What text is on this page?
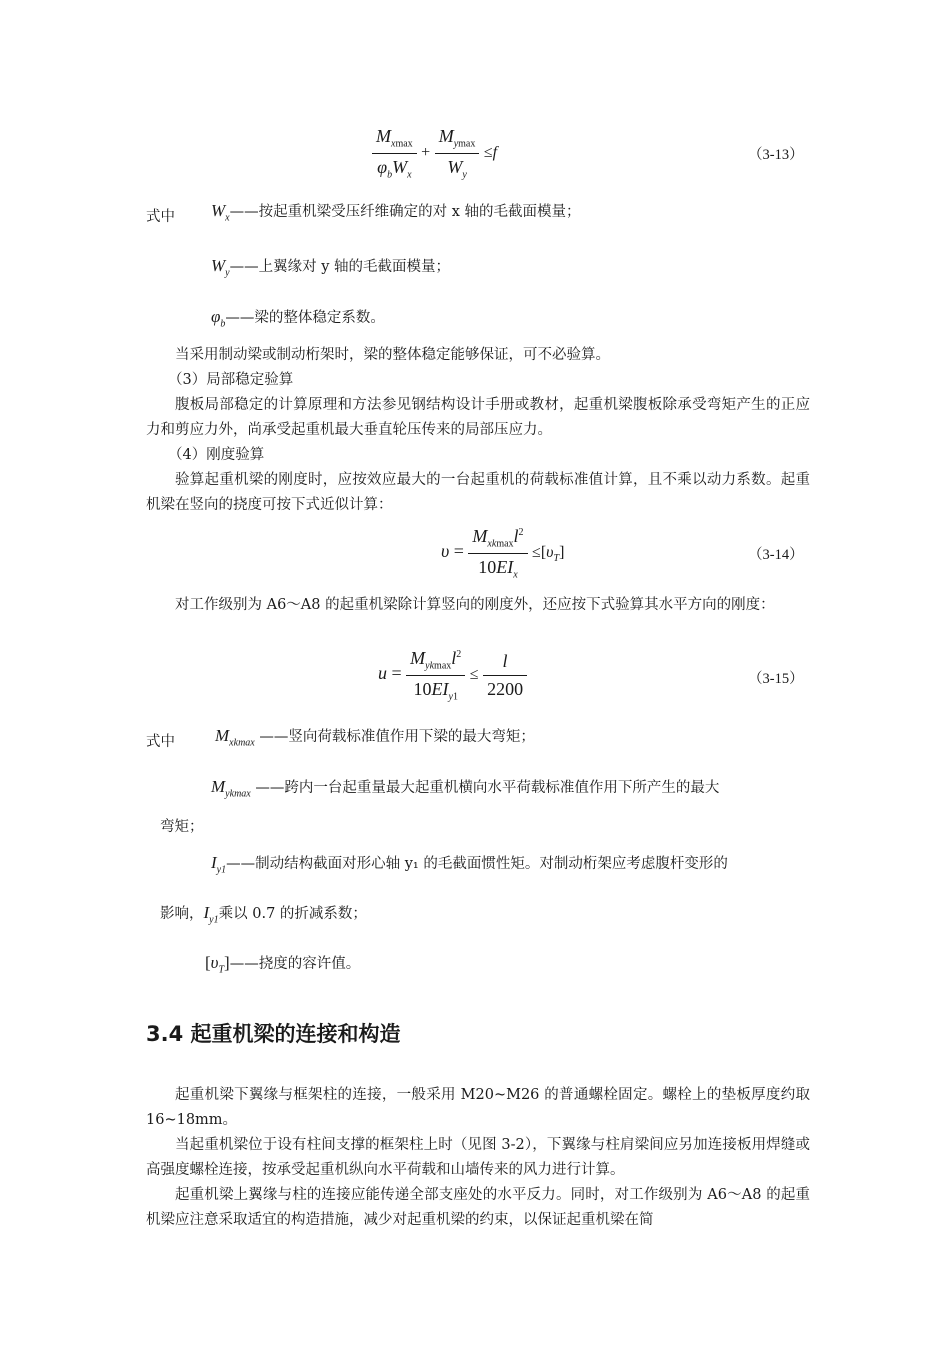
$\frac{M_{xmax}}{\varphi_bW_x} + \frac{M_{ymax}}{W_y} \le f$	（3-13）
式中 $W_x——$按起重机梁受压纤维确定的对 x 轴的毛截面模量；
$W_y——$上翼缘对 y 轴的毛截面模量；
$\varphi_b——$梁的整体稳定系数。
当采用制动梁或制动桁架时，梁的整体稳定能够保证，可不必验算。
（3）局部稳定验算
腹板局部稳定的计算原理和方法参见钢结构设计手册或教材，起重机梁腹板除承受弯矩产生的正应力和剪应力外，尚承受起重机最大垂直轮压传来的局部压应力。
（4）刚度验算
验算起重机梁的刚度时，应按效应最大的一台起重机的荷载标准值计算，且不乘以动力系数。起重机梁在竖向的挠度可按下式近似计算：
$\upsilon = \frac{M_{xkmax}l^2}{10EI_x} \le[\upsilon_T]$	（3-14）
对工作级别为 A6～A8 的起重机梁除计算竖向的刚度外，还应按下式验算其水平方向的刚度：
$u = \frac{M_{ykmax}l^2}{10EI_{y1}} \le \frac{l}{2200}$	（3-15）
式中 $M_{xkmax}$ ——竖向荷载标准值作用下梁的最大弯矩；
$M_{ykmax}$ ——跨内一台起重量最大起重机横向水平荷载标准值作用下所产生的最大
弯矩；
$I_{y1}——$制动结构截面对形心轴 y₁ 的毛截面惯性矩。对制动桁架应考虑腹杆变形的
影响，$I_{y1}$乘以 0.7 的折减系数；
$[\upsilon_T]——$挠度的容许值。
3.4 起重机梁的连接和构造
起重机梁下翼缘与框架柱的连接，一般采用 M20~M26 的普通螺栓固定。螺栓上的垫板厚度约取 16~18mm。
当起重机梁位于设有柱间支撑的框架柱上时（见图 3-2），下翼缘与柱肩梁间应另加连接板用焊缝或高强度螺栓连接，按承受起重机纵向水平荷载和山墙传来的风力进行计算。
起重机梁上翼缘与柱的连接应能传递全部支座处的水平反力。同时，对工作级别为 A6～A8 的起重机梁应注意采取适宜的构造措施，减少对起重机梁的约束，以保证起重机梁在简
